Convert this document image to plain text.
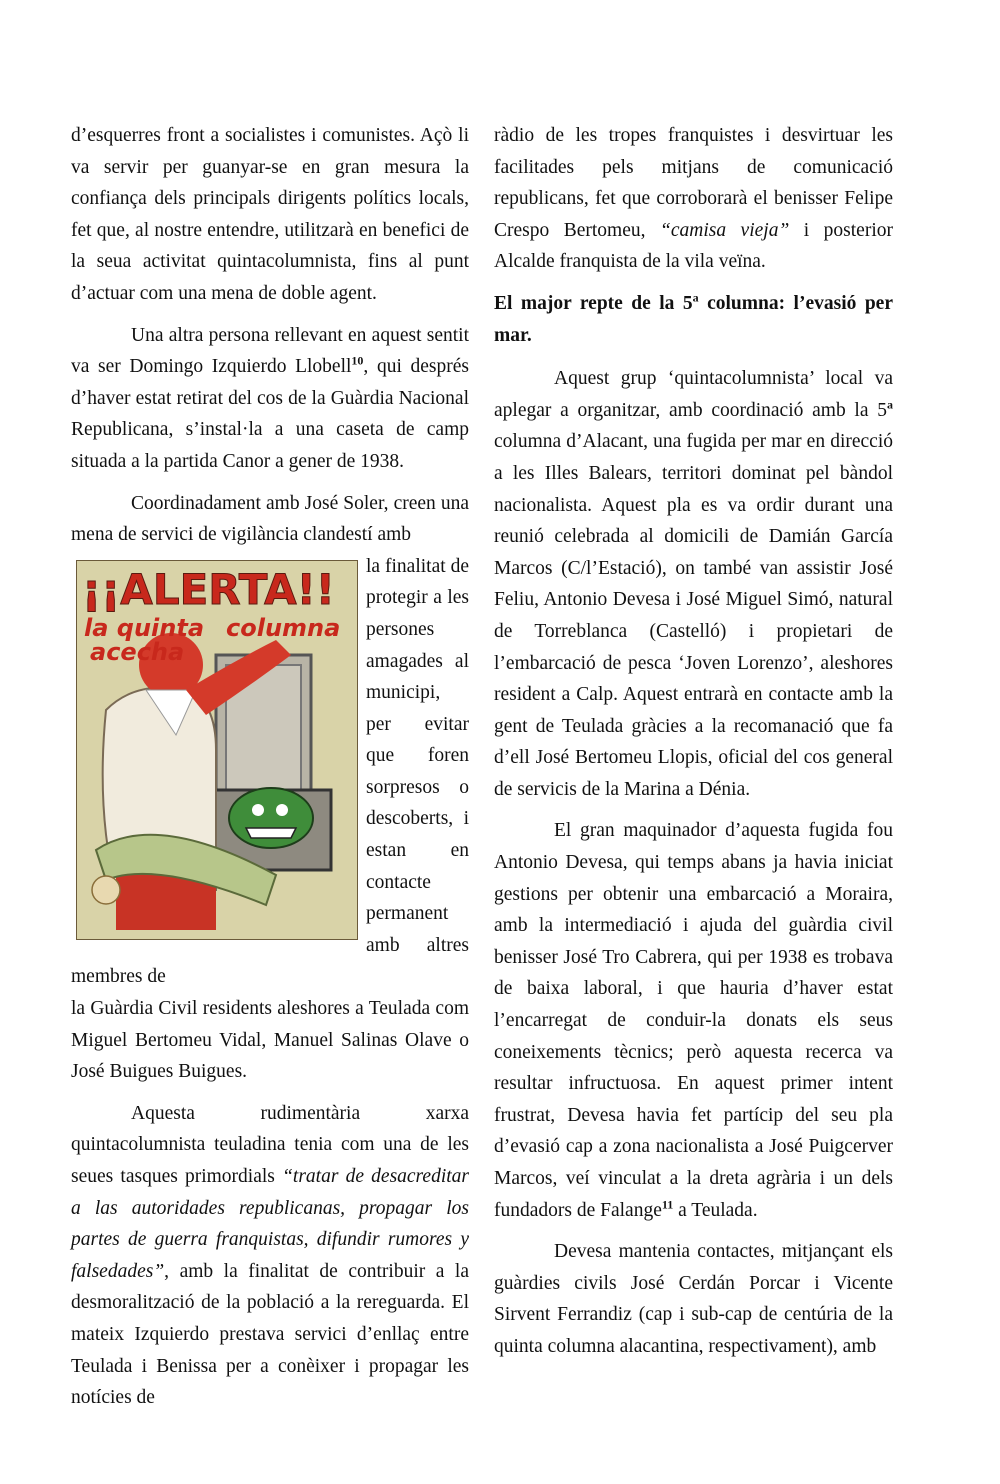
d’esquerres front a socialistes i comunistes. Açò li va servir per guanyar-se en gran mesura la confiança dels principals dirigents polítics locals, fet que, al nostre entendre, utilitzarà en benefici de la seua activitat quintacolumnista, fins al punt d’actuar com una mena de doble agent.

Una altra persona rellevant en aquest sentit va ser Domingo Izquierdo Llobell$^{10}$, qui després d’haver estat retirat del cos de la Guàrdia Nacional Republicana, s’instal·la a una caseta de camp situada a la partida Canor a gener de 1938.

Coordinadament amb José Soler, creen una mena de servici de vigilància clandestí amb

¡¡ALERTA!!
la quinta columna
acecha

la finalitat de protegir a les persones amagades al municipi, per evitar que foren sorpresos o descoberts, i estan en contacte permanent amb altres membres de

la Guàrdia Civil residents aleshores a Teulada com Miguel Bertomeu Vidal, Manuel Salinas Olave o José Buigues Buigues.

Aquesta rudimentària xarxa quintacolumnista teuladina tenia com una de les seues tasques primordials “tratar de desacreditar a las autoridades republicanas, propagar los partes de guerra franquistas, difundir rumores y falsedades”, amb la finalitat de contribuir a la desmoralització de la població a la rereguarda. El mateix Izquierdo prestava servici d’enllaç entre Teulada i Benissa per a conèixer i propagar les notícies de

ràdio de les tropes franquistes i desvirtuar les facilitades pels mitjans de comunicació republicans, fet que corroborarà el benisser Felipe Crespo Bertomeu, “camisa vieja” i posterior Alcalde franquista de la vila veïna.

El major repte de la 5$^a$ columna: l’evasió per mar.

Aquest grup ‘quintacolumnista’ local va aplegar a organitzar, amb coordinació amb la 5$^a$ columna d’Alacant, una fugida per mar en direcció a les Illes Balears, territori dominat pel bàndol nacionalista. Aquest pla es va ordir durant una reunió celebrada al domicili de Damián García Marcos (C/l’Estació), on també van assistir José Feliu, Antonio Devesa i José Miguel Simó, natural de Torreblanca (Castelló) i propietari de l’embarcació de pesca ‘Joven Lorenzo’, aleshores resident a Calp. Aquest entrarà en contacte amb la gent de Teulada gràcies a la recomanació que fa d’ell José Bertomeu Llopis, oficial del cos general de servicis de la Marina a Dénia.

El gran maquinador d’aquesta fugida fou Antonio Devesa, qui temps abans ja havia iniciat gestions per obtenir una embarcació a Moraira, amb la intermediació i ajuda del guàrdia civil benisser José Tro Cabrera, qui per 1938 es trobava de baixa laboral, i que hauria d’haver estat l’encarregat de conduir-la donats els seus coneixements tècnics; però aquesta recerca va resultar infructuosa. En aquest primer intent frustrat, Devesa havia fet partícip del seu pla d’evasió cap a zona nacionalista a José Puigcerver Marcos, veí vinculat a la dreta agrària i un dels fundadors de Falange$^{11}$ a Teulada.

Devesa mantenia contactes, mitjançant els guàrdies civils José Cerdán Porcar i Vicente Sirvent Ferrandiz (cap i sub-cap de centúria de la quinta columna alacantina, respectivament), amb
